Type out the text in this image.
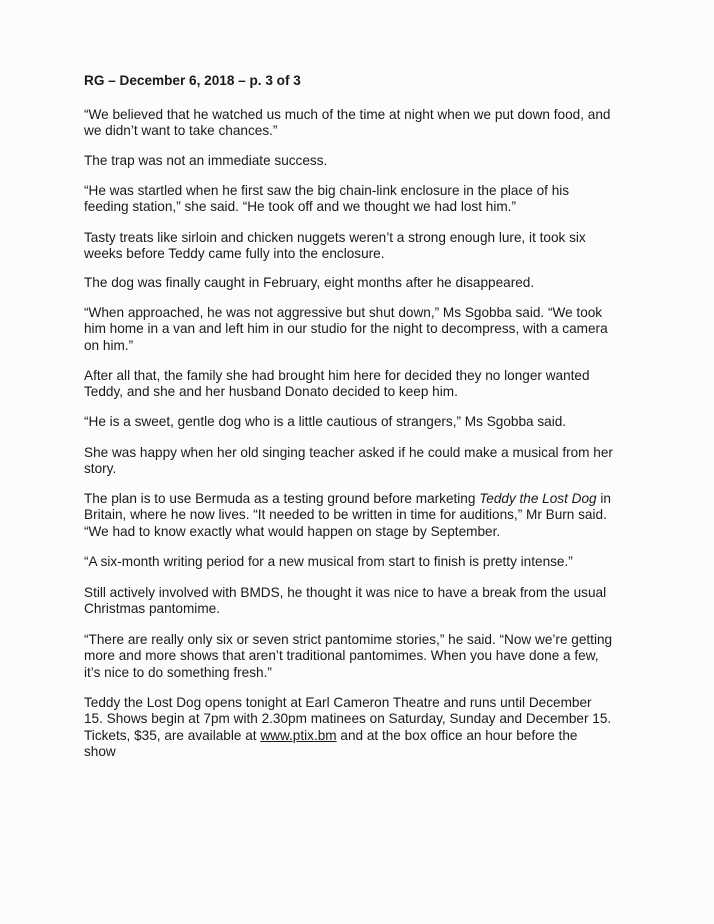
RG – December 6, 2018 – p. 3 of 3

“We believed that he watched us much of the time at night when we put down food, and
we didn’t want to take chances.”

The trap was not an immediate success.

“He was startled when he first saw the big chain-link enclosure in the place of his
feeding station,” she said. “He took off and we thought we had lost him.”

Tasty treats like sirloin and chicken nuggets weren’t a strong enough lure, it took six
weeks before Teddy came fully into the enclosure.

The dog was finally caught in February, eight months after he disappeared.

“When approached, he was not aggressive but shut down,” Ms Sgobba said. “We took
him home in a van and left him in our studio for the night to decompress, with a camera
on him.”

After all that, the family she had brought him here for decided they no longer wanted
Teddy, and she and her husband Donato decided to keep him.

“He is a sweet, gentle dog who is a little cautious of strangers,” Ms Sgobba said.

She was happy when her old singing teacher asked if he could make a musical from her
story.

The plan is to use Bermuda as a testing ground before marketing Teddy the Lost Dog in
Britain, where he now lives. “It needed to be written in time for auditions,” Mr Burn said.
“We had to know exactly what would happen on stage by September.

“A six-month writing period for a new musical from start to finish is pretty intense.”

Still actively involved with BMDS, he thought it was nice to have a break from the usual
Christmas pantomime.

“There are really only six or seven strict pantomime stories,” he said. “Now we’re getting
more and more shows that aren’t traditional pantomimes. When you have done a few,
it’s nice to do something fresh.”

Teddy the Lost Dog opens tonight at Earl Cameron Theatre and runs until December
15. Shows begin at 7pm with 2.30pm matinees on Saturday, Sunday and December 15.
Tickets, $35, are available at www.ptix.bm and at the box office an hour before the
show
